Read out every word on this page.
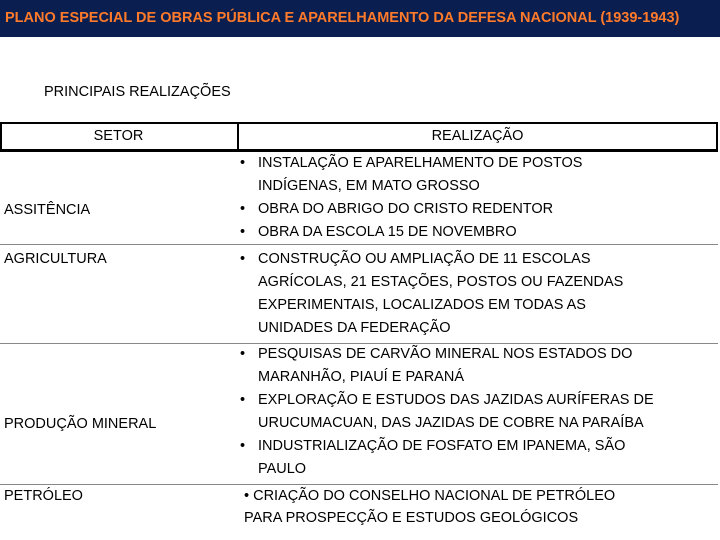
PLANO ESPECIAL DE OBRAS PÚBLICA E APARELHAMENTO DA DEFESA NACIONAL (1939-1943)
PRINCIPAIS REALIZAÇÕES
SETOR	REALIZAÇÃO
ASSITÊNCIA
• INSTALAÇÃO E APARELHAMENTO DE POSTOS
INDÍGENAS, EM MATO GROSSO
• OBRA DO ABRIGO DO CRISTO REDENTOR
• OBRA DA ESCOLA 15 DE NOVEMBRO
AGRICULTURA
•	CONSTRUÇÃO OU AMPLIAÇÃO DE 11 ESCOLAS
AGRÍCOLAS, 21 ESTAÇÕES, POSTOS OU FAZENDAS
EXPERIMENTAIS, LOCALIZADOS EM TODAS AS
UNIDADES DA FEDERAÇÃO
PRODUÇÃO MINERAL
• PESQUISAS DE CARVÃO MINERAL NOS ESTADOS DO
MARANHÃO, PIAUÍ E PARANÁ
• EXPLORAÇÃO E ESTUDOS DAS JAZIDAS AURÍFERAS DE
URUCUMACUAN, DAS JAZIDAS DE COBRE NA PARAÍBA
• INDUSTRIALIZAÇÃO DE FOSFATO EM IPANEMA, SÃO
PAULO
PETRÓLEO	• CRIAÇÃO DO CONSELHO NACIONAL DE PETRÓLEO
PARA PROSPECÇÃO E ESTUDOS GEOLÓGICOS
